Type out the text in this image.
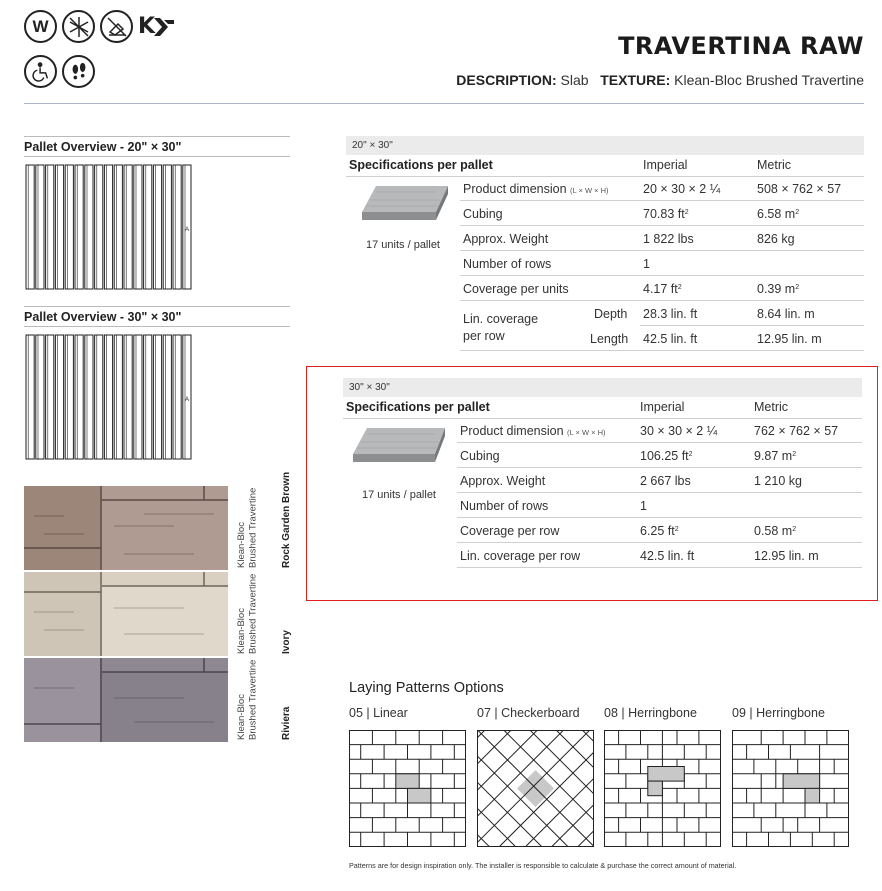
W	K
TRAVERTINA RAW
DESCRIPTION: Slab TEXTURE: Klean-Bloc Brushed Travertine
Pallet Overview - 20" × 30"
A
Pallet Overview - 30" × 30"
A
Klean-Bloc
Brushed Travertine Rock Garden Brown
Klean-Bloc
Brushed Travertine Ivory
Klean-Bloc
Brushed Travertine Riviera
20" × 30"
Specifications per pallet	Imperial	Metric
17 units / pallet
Product dimension (L × W × H)	20 × 30 × 2 ¼	508 × 762 × 57
Cubing	70.83 $ft^2$	6.58 $m^2$
Approx. Weight	1 822 lbs	826 kg
Number of rows	1
Coverage per units	4.17 $ft^2$	0.39 $m^2$
Lin. coverage
per row
Depth 28.3 lin. ft	8.64 lin. m
Length 42.5 lin. ft	12.95 lin. m
30" × 30"
Specifications per pallet	Imperial	Metric
17 units / pallet
Product dimension (L × W × H)	30 × 30 × 2 ¼	762 × 762 × 57
Cubing	106.25 $ft^2$	9.87 $m^2$
Approx. Weight	2 667 lbs	1 210 kg
Number of rows	1
Coverage per row	6.25 $ft^2$	0.58 $m^2$
Lin. coverage per row	42.5 lin. ft	12.95 lin. m
Laying Patterns Options
05 | Linear	07 | Checkerboard 08 | Herringbone	09 | Herringbone
Patterns are for design inspiration only. The installer is responsible to calculate & purchase the correct amount of material.
